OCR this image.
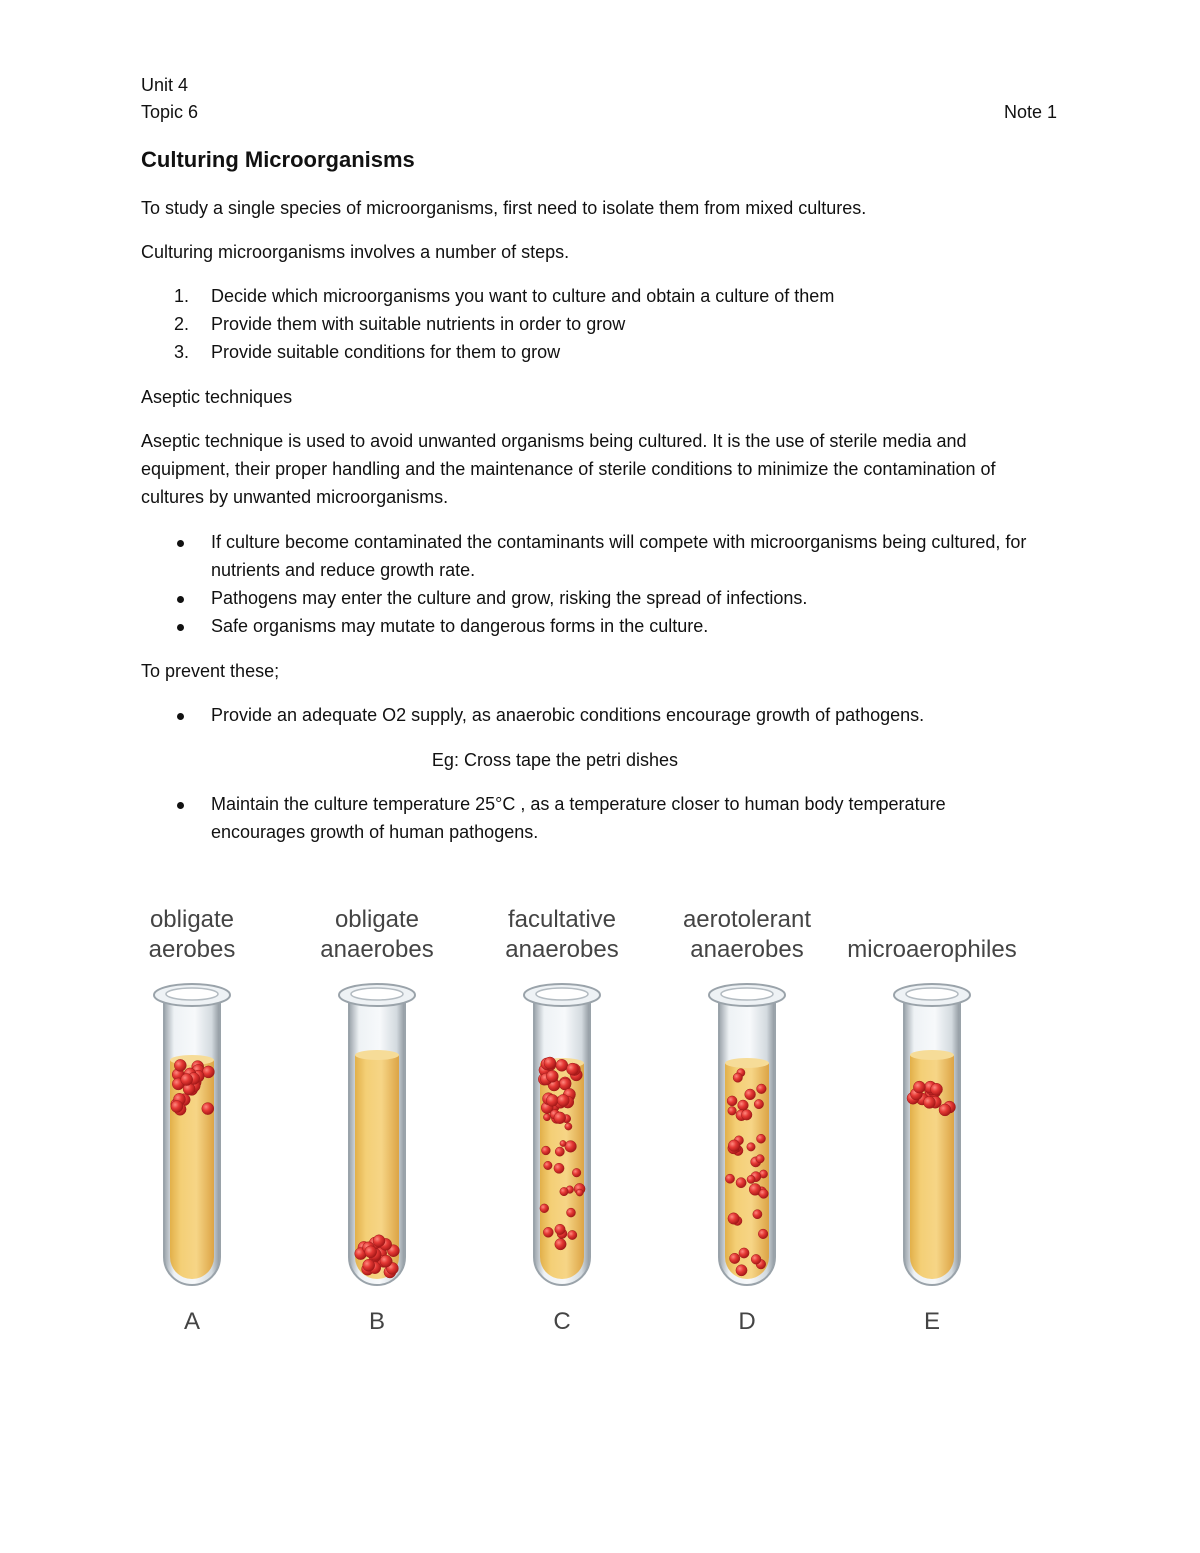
Unit 4

Topic 6	Note 1

Culturing Microorganisms

To study a single species of microorganisms, first need to isolate them from mixed cultures.

Culturing microorganisms involves a number of steps.

1.	Decide which microorganisms you want to culture and obtain a culture of them
2.	Provide them with suitable nutrients in order to grow
3.	Provide suitable conditions for them to grow

Aseptic techniques

Aseptic technique is used to avoid unwanted organisms being cultured. It is the use of sterile media and equipment, their proper handling and the maintenance of sterile conditions to minimize the contamination of cultures by unwanted microorganisms.

If culture become contaminated the contaminants will compete with microorganisms being cultured, for nutrients and reduce growth rate.
Pathogens may enter the culture and grow, risking the spread of infections.
Safe organisms may mutate to dangerous forms in the culture.

To prevent these;

Provide an adequate O2 supply, as anaerobic conditions encourage growth of pathogens.

Eg: Cross tape the petri dishes

Maintain the culture temperature 25°C , as a temperature closer to human body temperature encourages growth of human pathogens.
obligate
aerobes
A
obligate
anaerobes
B
facultative
anaerobes
C
aerotolerant
anaerobes
D
microaerophiles
E
